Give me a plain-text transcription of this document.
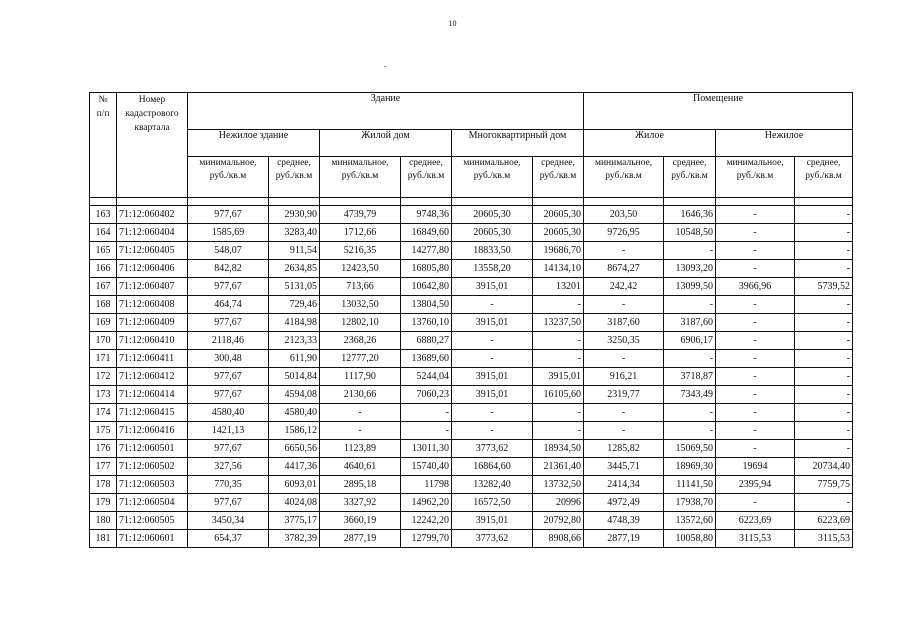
10
№
п/п	Номер
кадастрового
квартала	Здание						Помещение			
		Нежилое здание		Жилой дом		Многоквартирный дом		Жилое		Нежилое	
		минимальное,
руб./кв.м	среднее,
руб./кв.м	минимальное,
руб./кв.м	среднее,
руб./кв.м	минимальное,
руб./кв.м	среднее,
руб./кв.м	минимальное,
руб./кв.м	среднее,
руб./кв.м	минимальное,
руб./кв.м	среднее,
руб./кв.м

163	71:12:060402	977,67	2930,90	4739,79	9748,36	20605,30	20605,30	203,50	1646,36	-	-
164	71:12:060404	1585,69	3283,40	1712,66	16849,60	20605,30	20605,30	9726,95	10548,50	-	-
165	71:12:060405	548,07	911,54	5216,35	14277,80	18833,50	19686,70	-	-	-	-
166	71:12:060406	842,82	2634,85	12423,50	16805,80	13558,20	14134,10	8674,27	13093,20	-	-
167	71:12:060407	977,67	5131,05	713,66	10642,80	3915,01	13201	242,42	13099,50	3966,96	5739,52
168	71:12:060408	464,74	729,46	13032,50	13804,50	-	-	-	-	-	-
169	71:12:060409	977,67	4184,98	12802,10	13760,10	3915,01	13237,50	3187,60	3187,60	-	-
170	71:12:060410	2118,46	2123,33	2368,26	6880,27	-	-	3250,35	6906,17	-	-
171	71:12:060411	300,48	611,90	12777,20	13689,60	-	-	-	-	-	-
172	71:12:060412	977,67	5014,84	1117,90	5244,04	3915,01	3915,01	916,21	3718,87	-	-
173	71:12:060414	977,67	4594,08	2130,66	7060,23	3915,01	16105,60	2319,77	7343,49	-	-
174	71:12:060415	4580,40	4580,40	-	-	-	-	-	-	-	-
175	71:12:060416	1421,13	1586,12	-	-	-	-	-	-	-	-
176	71:12:060501	977,67	6650,56	1123,89	13011,30	3773,62	18934,50	1285,82	15069,50	-	-
177	71:12:060502	327,56	4417,36	4640,61	15740,40	16864,60	21361,40	3445,71	18969,30	19694	20734,40
178	71:12:060503	770,35	6093,01	2895,18	11798	13282,40	13732,50	2414,34	11141,50	2395,94	7759,75
179	71:12:060504	977,67	4024,08	3327,92	14962,20	16572,50	20996	4972,49	17938,70	-	-
180	71:12:060505	3450,34	3775,17	3660,19	12242,20	3915,01	20792,80	4748,39	13572,60	6223,69	6223,69
181	71:12:060601	654,37	3782,39	2877,19	12799,70	3773,62	8908,66	2877,19	10058,80	3115,53	3115,53
